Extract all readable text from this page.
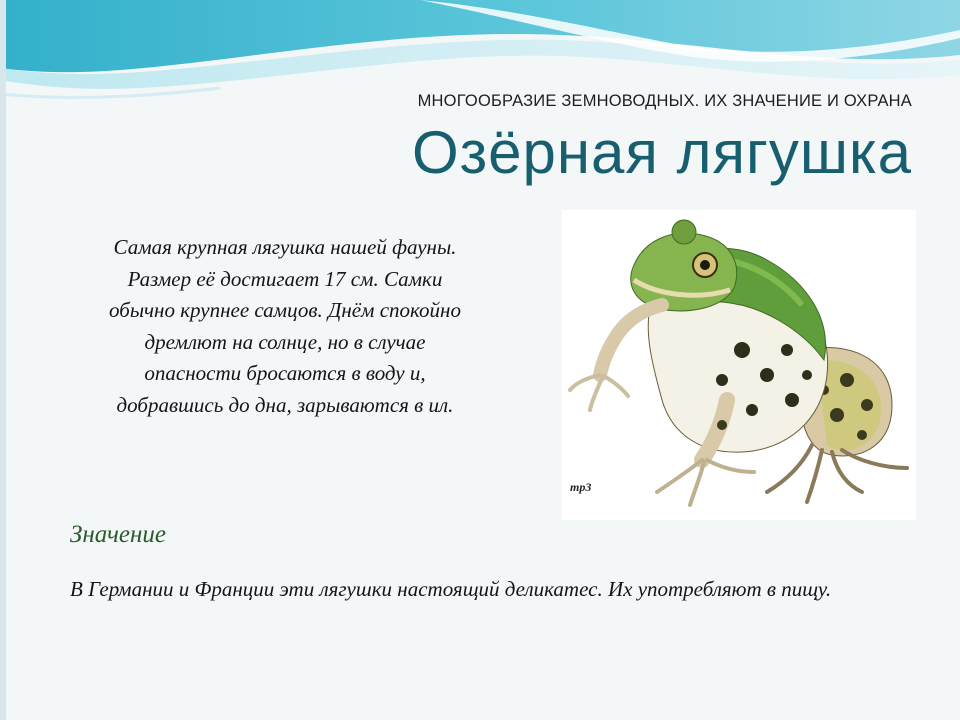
МНОГООБРАЗИЕ ЗЕМНОВОДНЫХ. ИХ ЗНАЧЕНИЕ И ОХРАНА
Озёрная лягушка
Самая крупная лягушка нашей фауны. Размер её достигает 17 см. Самки обычно крупнее самцов. Днём спокойно дремлют на солнце, но в случае опасности бросаются в воду и, добравшись до дна, зарываются в ил.
тр3
Значение
В Германии и Франции эти лягушки настоящий деликатес. Их употребляют в пищу.
